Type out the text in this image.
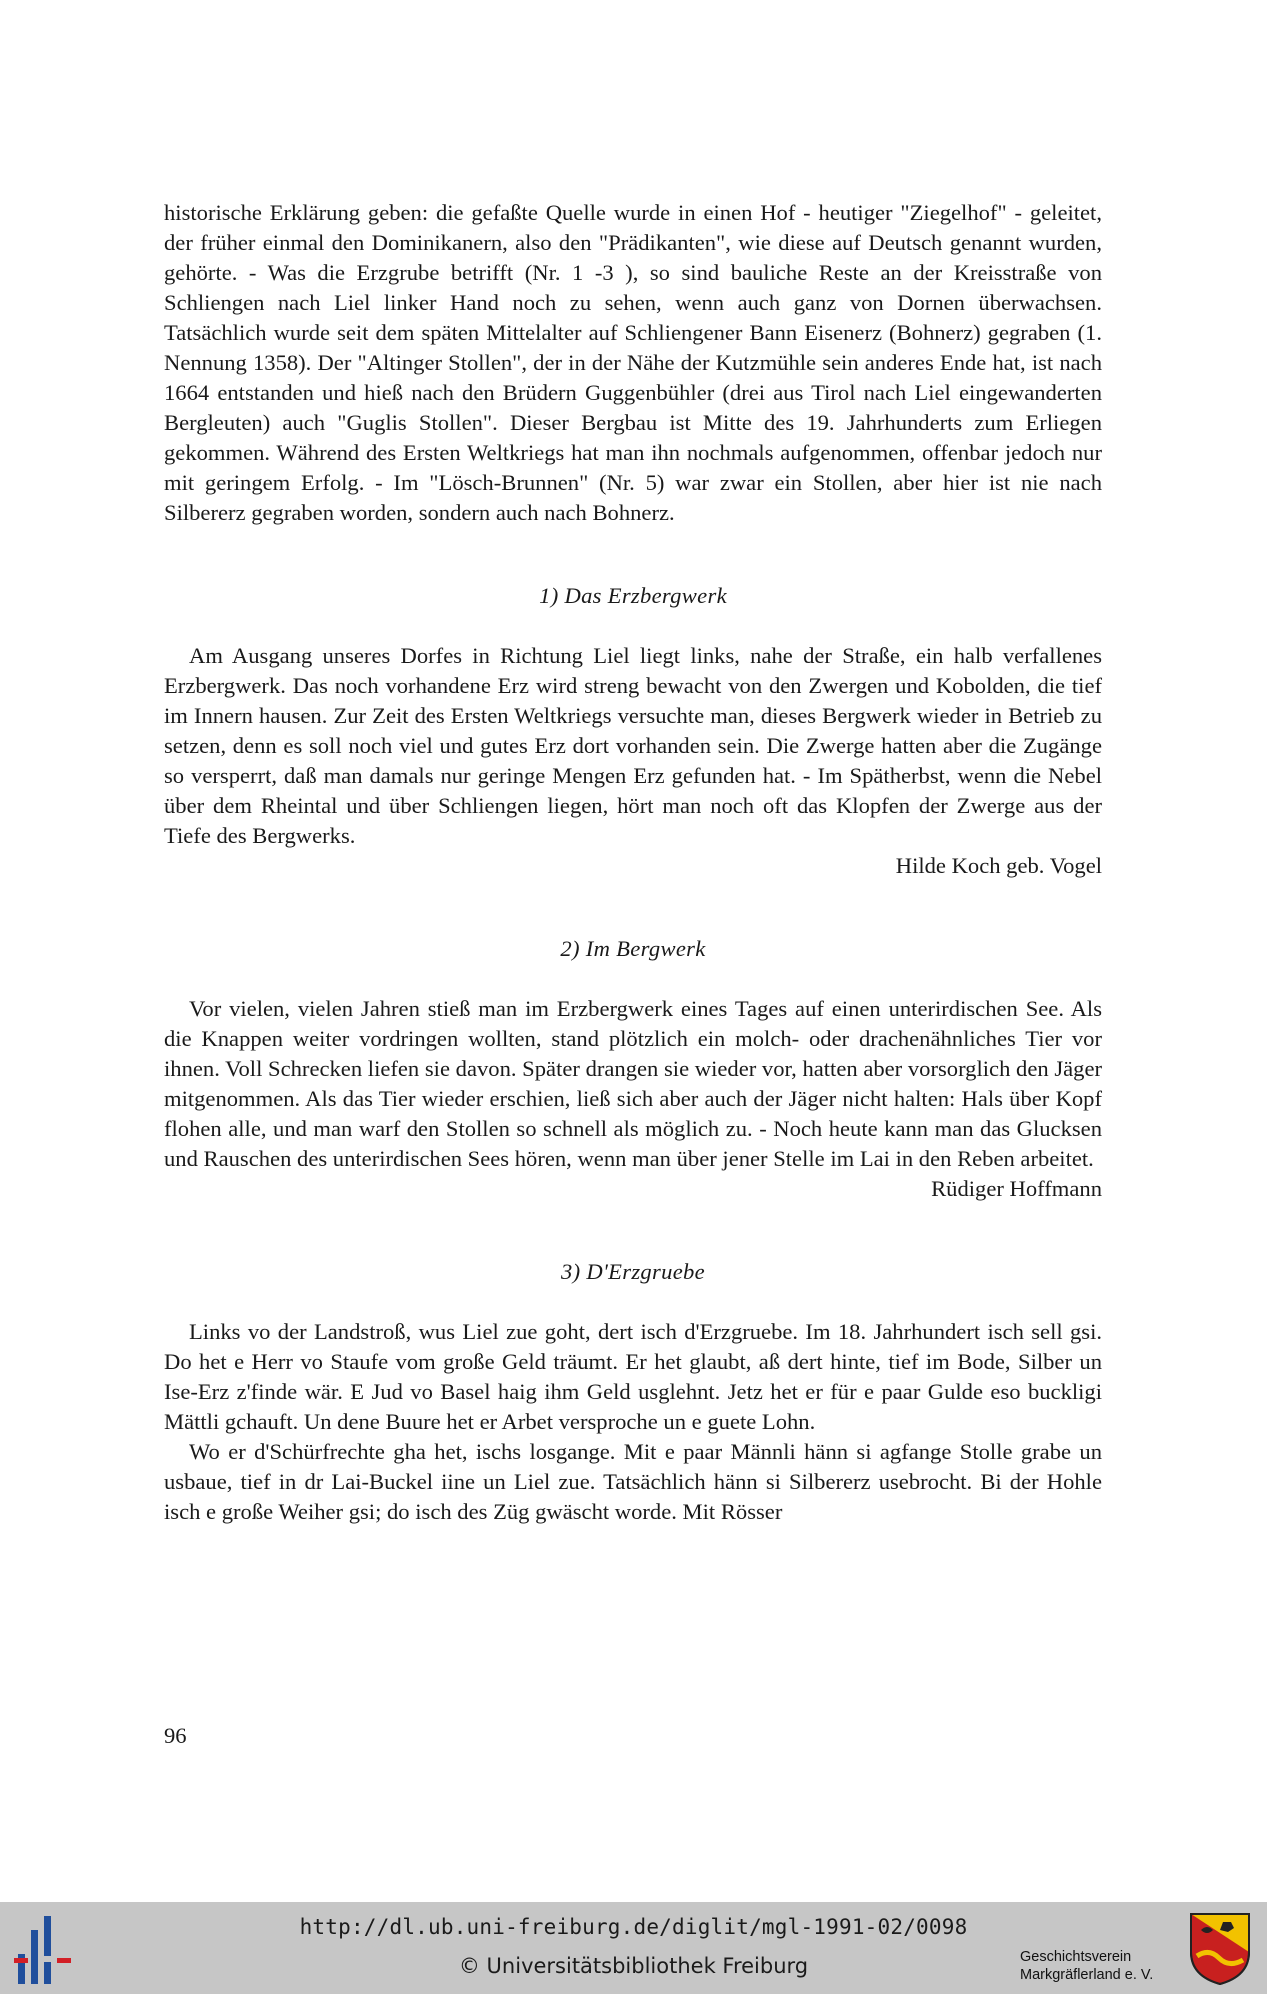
historische Erklärung geben: die gefaßte Quelle wurde in einen Hof - heutiger "Ziegelhof" - geleitet, der früher einmal den Dominikanern, also den "Prädikanten", wie diese auf Deutsch genannt wurden, gehörte. - Was die Erzgrube betrifft (Nr. 1 -3 ), so sind bauliche Reste an der Kreisstraße von Schliengen nach Liel linker Hand noch zu sehen, wenn auch ganz von Dornen überwachsen. Tatsächlich wurde seit dem späten Mittelalter auf Schliengener Bann Eisenerz (Bohnerz) gegraben (1. Nennung 1358). Der "Altinger Stollen", der in der Nähe der Kutzmühle sein anderes Ende hat, ist nach 1664 entstanden und hieß nach den Brüdern Guggenbühler (drei aus Tirol nach Liel eingewanderten Bergleuten) auch "Guglis Stollen". Dieser Bergbau ist Mitte des 19. Jahrhunderts zum Erliegen gekommen. Während des Ersten Weltkriegs hat man ihn nochmals aufgenommen, offenbar jedoch nur mit geringem Erfolg. - Im "Lösch-Brunnen" (Nr. 5) war zwar ein Stollen, aber hier ist nie nach Silbererz gegraben worden, sondern auch nach Bohnerz.

1) Das Erzbergwerk

Am Ausgang unseres Dorfes in Richtung Liel liegt links, nahe der Straße, ein halb verfallenes Erzbergwerk. Das noch vorhandene Erz wird streng bewacht von den Zwergen und Kobolden, die tief im Innern hausen. Zur Zeit des Ersten Weltkriegs versuchte man, dieses Bergwerk wieder in Betrieb zu setzen, denn es soll noch viel und gutes Erz dort vorhanden sein. Die Zwerge hatten aber die Zugänge so versperrt, daß man damals nur geringe Mengen Erz gefunden hat. - Im Spätherbst, wenn die Nebel über dem Rheintal und über Schliengen liegen, hört man noch oft das Klopfen der Zwerge aus der Tiefe des Bergwerks.

Hilde Koch geb. Vogel
2) Im Bergwerk

Vor vielen, vielen Jahren stieß man im Erzbergwerk eines Tages auf einen unterirdischen See. Als die Knappen weiter vordringen wollten, stand plötzlich ein molch- oder drachenähnliches Tier vor ihnen. Voll Schrecken liefen sie davon. Später drangen sie wieder vor, hatten aber vorsorglich den Jäger mitgenommen. Als das Tier wieder erschien, ließ sich aber auch der Jäger nicht halten: Hals über Kopf flohen alle, und man warf den Stollen so schnell als möglich zu. - Noch heute kann man das Glucksen und Rauschen des unterirdischen Sees hören, wenn man über jener Stelle im Lai in den Reben arbeitet.

Rüdiger Hoffmann
3) D'Erzgruebe

Links vo der Landstroß, wus Liel zue goht, dert isch d'Erzgruebe. Im 18. Jahrhundert isch sell gsi. Do het e Herr vo Staufe vom große Geld träumt. Er het glaubt, aß dert hinte, tief im Bode, Silber un Ise-Erz z'finde wär. E Jud vo Basel haig ihm Geld usglehnt. Jetz het er für e paar Gulde eso buckligi Mättli gchauft. Un dene Buure het er Arbet versproche un e guete Lohn.

Wo er d'Schürfrechte gha het, ischs losgange. Mit e paar Männli hänn si agfange Stolle grabe un usbaue, tief in dr Lai-Buckel iine un Liel zue. Tatsächlich hänn si Silbererz usebrocht. Bi der Hohle isch e große Weiher gsi; do isch des Züg gwäscht worde. Mit Rösser

96
http://dl.ub.uni-freiburg.de/diglit/mgl-1991-02/0098
© Universitätsbibliothek Freiburg	Geschichtsverein
Markgräflerland e. V.
